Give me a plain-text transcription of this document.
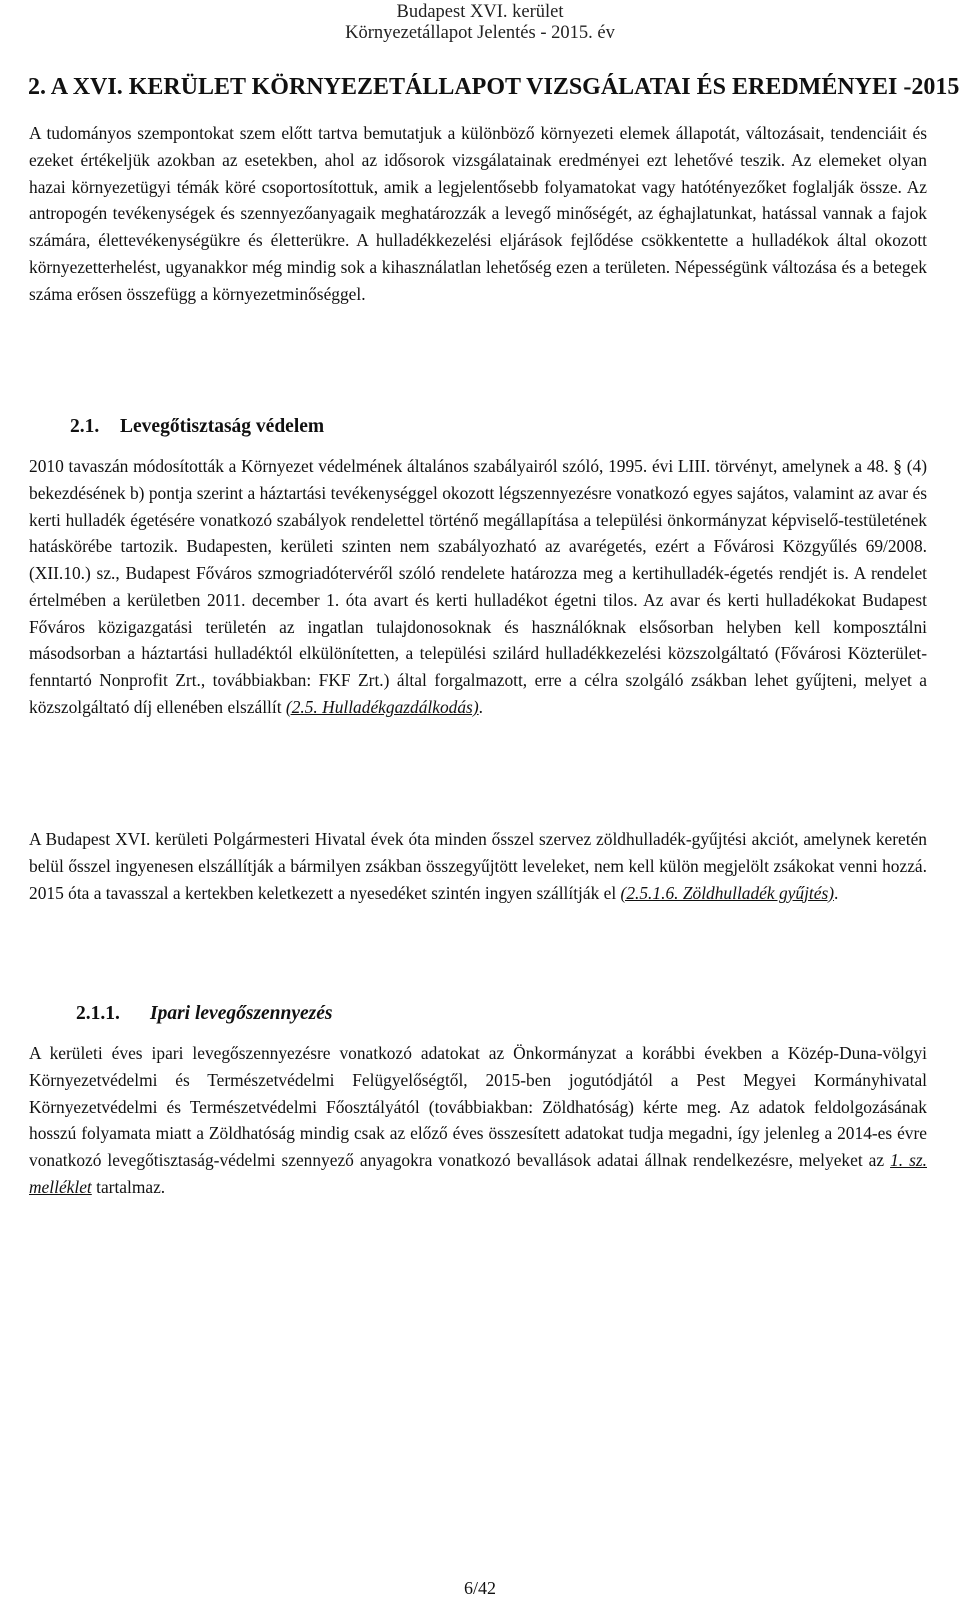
Budapest XVI. kerület
Környezetállapot Jelentés - 2015. év
2. A XVI. KERÜLET KÖRNYEZETÁLLAPOT VIZSGÁLATAI ÉS EREDMÉNYEI -2015

A tudományos szempontokat szem előtt tartva bemutatjuk a különböző környezeti elemek állapotát, változásait, tendenciáit és ezeket értékeljük azokban az esetekben, ahol az idősorok vizsgálatainak eredményei ezt lehetővé teszik. Az elemeket olyan hazai környezetügyi témák köré csoportosítottuk, amik a legjelentősebb folyamatokat vagy hatótényezőket foglalják össze. Az antropogén tevékenységek és szennyezőanyagaik meghatározzák a levegő minőségét, az éghajlatunkat, hatással vannak a fajok számára, élettevékenységükre és életterükre. A hulladékkezelési eljárások fejlődése csökkentette a hulladékok által okozott környezetterhelést, ugyanakkor még mindig sok a kihasználatlan lehetőség ezen a területen. Népességünk változása és a betegek száma erősen összefügg a környezetminőséggel.

2.1. Levegőtisztaság védelem

2010 tavaszán módosították a Környezet védelmének általános szabályairól szóló, 1995. évi LIII. törvényt, amelynek a 48. § (4) bekezdésének b) pontja szerint a háztartási tevékenységgel okozott légszennyezésre vonatkozó egyes sajátos, valamint az avar és kerti hulladék égetésére vonatkozó szabályok rendelettel történő megállapítása a települési önkormányzat képviselő-testületének hatáskörébe tartozik. Budapesten, kerületi szinten nem szabályozható az avarégetés, ezért a Fővárosi Közgyűlés 69/2008. (XII.10.) sz., Budapest Főváros szmogriadótervéről szóló rendelete határozza meg a kertihulladék-égetés rendjét is. A rendelet értelmében a kerületben 2011. december 1. óta avart és kerti hulladékot égetni tilos. Az avar és kerti hulladékokat Budapest Főváros közigazgatási területén az ingatlan tulajdonosoknak és használóknak elsősorban helyben kell komposztálni másodsorban a háztartási hulladéktól elkülönítetten, a települési szilárd hulladékkezelési közszolgáltató (Fővárosi Közterület-fenntartó Nonprofit Zrt., továbbiakban: FKF Zrt.) által forgalmazott, erre a célra szolgáló zsákban lehet gyűjteni, melyet a közszolgáltató díj ellenében elszállít (2.5. Hulladékgazdálkodás).

A Budapest XVI. kerületi Polgármesteri Hivatal évek óta minden ősszel szervez zöldhulladék-gyűjtési akciót, amelynek keretén belül ősszel ingyenesen elszállítják a bármilyen zsákban összegyűjtött leveleket, nem kell külön megjelölt zsákokat venni hozzá. 2015 óta a tavasszal a kertekben keletkezett a nyesedéket szintén ingyen szállítják el (2.5.1.6. Zöldhulladék gyűjtés).

2.1.1. Ipari levegőszennyezés

A kerületi éves ipari levegőszennyezésre vonatkozó adatokat az Önkormányzat a korábbi években a Közép-Duna-völgyi Környezetvédelmi és Természetvédelmi Felügyelőségtől, 2015-ben jogutódjától a Pest Megyei Kormányhivatal Környezetvédelmi és Természetvédelmi Főosztályától (továbbiakban: Zöldhatóság) kérte meg. Az adatok feldolgozásának hosszú folyamata miatt a Zöldhatóság mindig csak az előző éves összesített adatokat tudja megadni, így jelenleg a 2014-es évre vonatkozó levegőtisztaság-védelmi szennyező anyagokra vonatkozó bevallások adatai állnak rendelkezésre, melyeket az 1. sz. melléklet tartalmaz.

6/42
